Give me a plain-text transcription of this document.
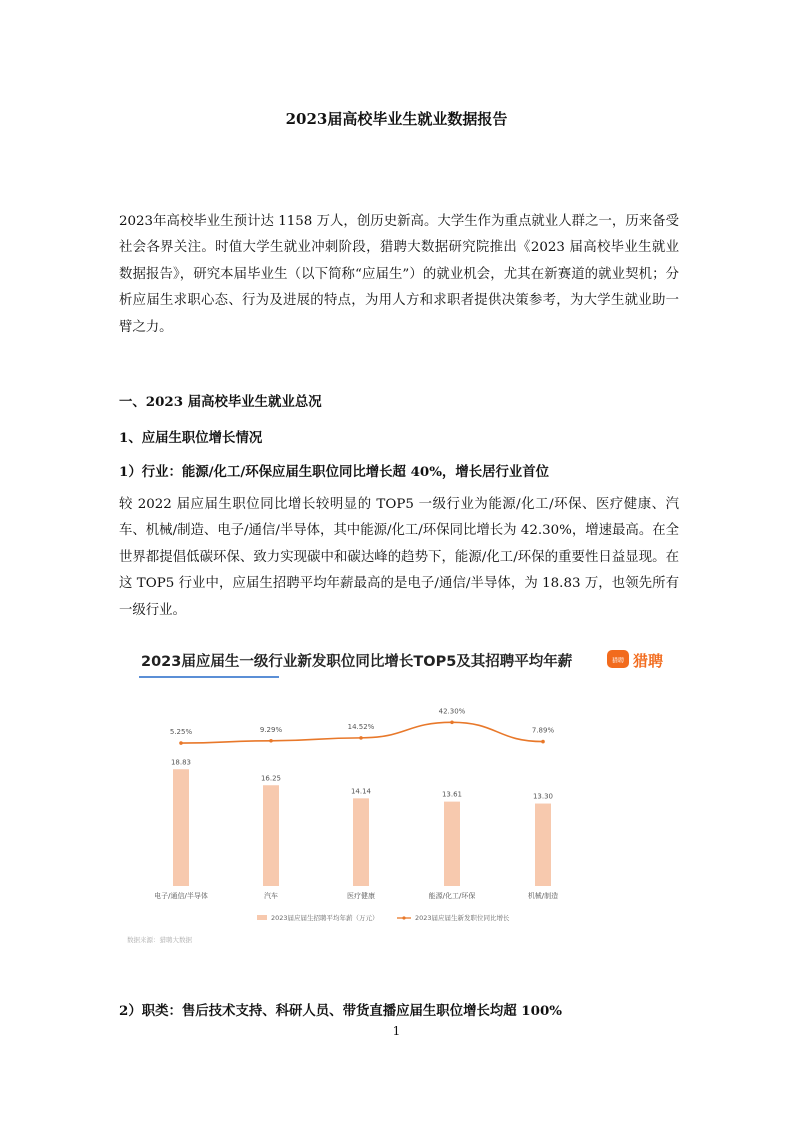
2023届高校毕业生就业数据报告

2023年高校毕业生预计达 1158 万人，创历史新高。大学生作为重点就业人群之一，历来备受社会各界关注。时值大学生就业冲刺阶段，猎聘大数据研究院推出《2023 届高校毕业生就业数据报告》，研究本届毕业生（以下简称“应届生”）的就业机会，尤其在新赛道的就业契机；分析应届生求职心态、行为及进展的特点，为用人方和求职者提供决策参考，为大学生就业助一臂之力。

一、2023 届高校毕业生就业总况

1、应届生职位增长情况

1）行业：能源/化工/环保应届生职位同比增长超 40%，增长居行业首位

较 2022 届应届生职位同比增长较明显的 TOP5 一级行业为能源/化工/环保、医疗健康、汽车、机械/制造、电子/通信/半导体，其中能源/化工/环保同比增长为 42.30%，增速最高。在全世界都提倡低碳环保、致力实现碳中和碳达峰的趋势下，能源/化工/环保的重要性日益显现。在这 TOP5 行业中，应届生招聘平均年薪最高的是电子/通信/半导体，为 18.83 万，也领先所有一级行业。

2023届应届生一级行业新发职位同比增长TOP5及其招聘平均年薪	猎聘 猎聘
18.83
电子/通信/半导体
16.25
汽车
14.14
医疗健康
13.61
能源/化工/环保
13.30
机械/制造
5.25%	9.29%	14.52%
42.30%
7.89%
2023届应届生招聘平均年薪（万元）	2023届应届生新发职位同比增长
数据来源：猎聘大数据

2）职类：售后技术支持、科研人员、带货直播应届生职位增长均超 100%

1
